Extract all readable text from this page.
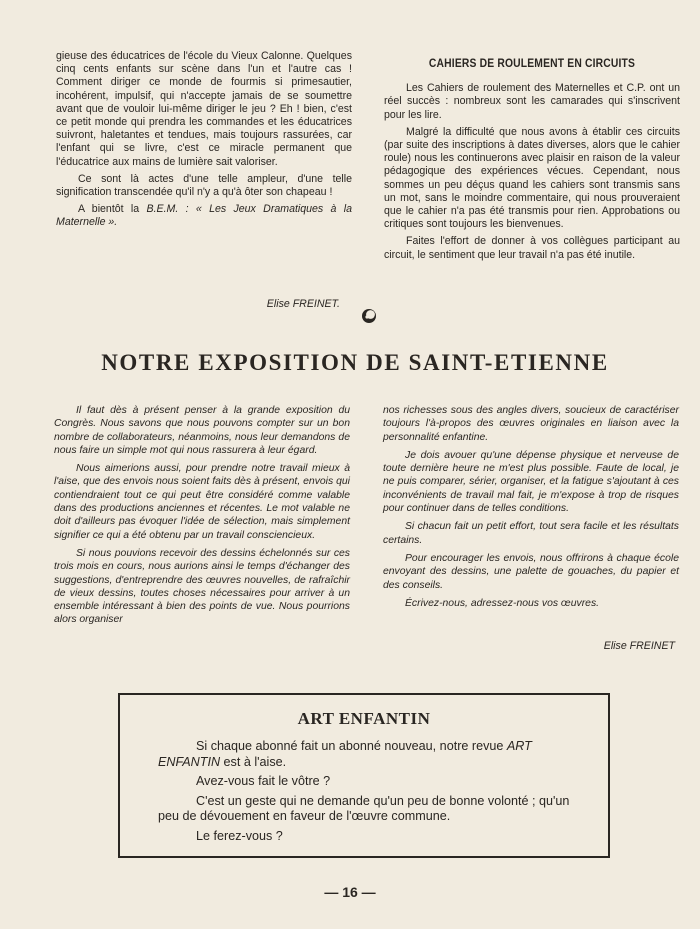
gieuse des éducatrices de l'école du Vieux Calonne. Quelques cinq cents enfants sur scène dans l'un et l'autre cas ! Comment diriger ce monde de fourmis si primesautier, incohérent, impulsif, qui n'accepte jamais de se soumettre avant que de vouloir lui-même diriger le jeu ? Eh ! bien, c'est ce petit monde qui prendra les commandes et les éducatrices suivront, haletantes et tendues, mais toujours rassurées, car l'enfant qui se livre, c'est ce miracle permanent que l'éducatrice aux mains de lumière sait valoriser.

Ce sont là actes d'une telle ampleur, d'une telle signification transcendée qu'il n'y a qu'à ôter son chapeau !

A bientôt la B.E.M. : « Les Jeux Dramatiques à la Maternelle ».

Elise FREINET.
CAHIERS DE ROULEMENT EN CIRCUITS

Les Cahiers de roulement des Maternelles et C.P. ont un réel succès : nombreux sont les camarades qui s'inscrivent pour les lire.

Malgré la difficulté que nous avons à établir ces circuits (par suite des inscriptions à dates diverses, alors que le cahier roule) nous les continuerons avec plaisir en raison de la valeur pédagogique des expériences vécues. Cependant, nous sommes un peu déçus quand les cahiers sont transmis sans un mot, sans le moindre commentaire, qui nous prouveraient que le cahier n'a pas été transmis pour rien. Approbations ou critiques sont toujours les bienvenues.

Faites l'effort de donner à vos collègues participant au circuit, le sentiment que leur travail n'a pas été inutile.

NOTRE EXPOSITION DE SAINT-ETIENNE

Il faut dès à présent penser à la grande exposition du Congrès. Nous savons que nous pouvons compter sur un bon nombre de collaborateurs, néanmoins, nous leur demandons de nous faire un simple mot qui nous rassurera à leur égard.

Nous aimerions aussi, pour prendre notre travail mieux à l'aise, que des envois nous soient faits dès à présent, envois qui contiendraient tout ce qui peut être considéré comme valable dans des productions anciennes et récentes. Le mot valable ne doit d'ailleurs pas évoquer l'idée de sélection, mais simplement signifier ce qui a été obtenu par un travail consciencieux.

Si nous pouvions recevoir des dessins échelonnés sur ces trois mois en cours, nous aurions ainsi le temps d'échanger des suggestions, d'entreprendre des œuvres nouvelles, de rafraîchir de vieux dessins, toutes choses nécessaires pour arriver à un ensemble intéressant à bien des points de vue. Nous pourrions alors organiser

nos richesses sous des angles divers, soucieux de caractériser toujours l'à-propos des œuvres originales en liaison avec la personnalité enfantine.

Je dois avouer qu'une dépense physique et nerveuse de toute dernière heure ne m'est plus possible. Faute de local, je ne puis comparer, sérier, organiser, et la fatigue s'ajoutant à ces inconvénients de travail mal fait, je m'expose à trop de risques pour continuer dans de telles conditions.

Si chacun fait un petit effort, tout sera facile et les résultats certains.

Pour encourager les envois, nous offrirons à chaque école envoyant des dessins, une palette de gouaches, du papier et des conseils.

Écrivez-nous, adressez-nous vos œuvres.

Elise FREINET
ART ENFANTIN

Si chaque abonné fait un abonné nouveau, notre revue ART ENFANTIN est à l'aise.

Avez-vous fait le vôtre ?

C'est un geste qui ne demande qu'un peu de bonne volonté ; qu'un peu de dévouement en faveur de l'œuvre commune.

Le ferez-vous ?

— 16 —
